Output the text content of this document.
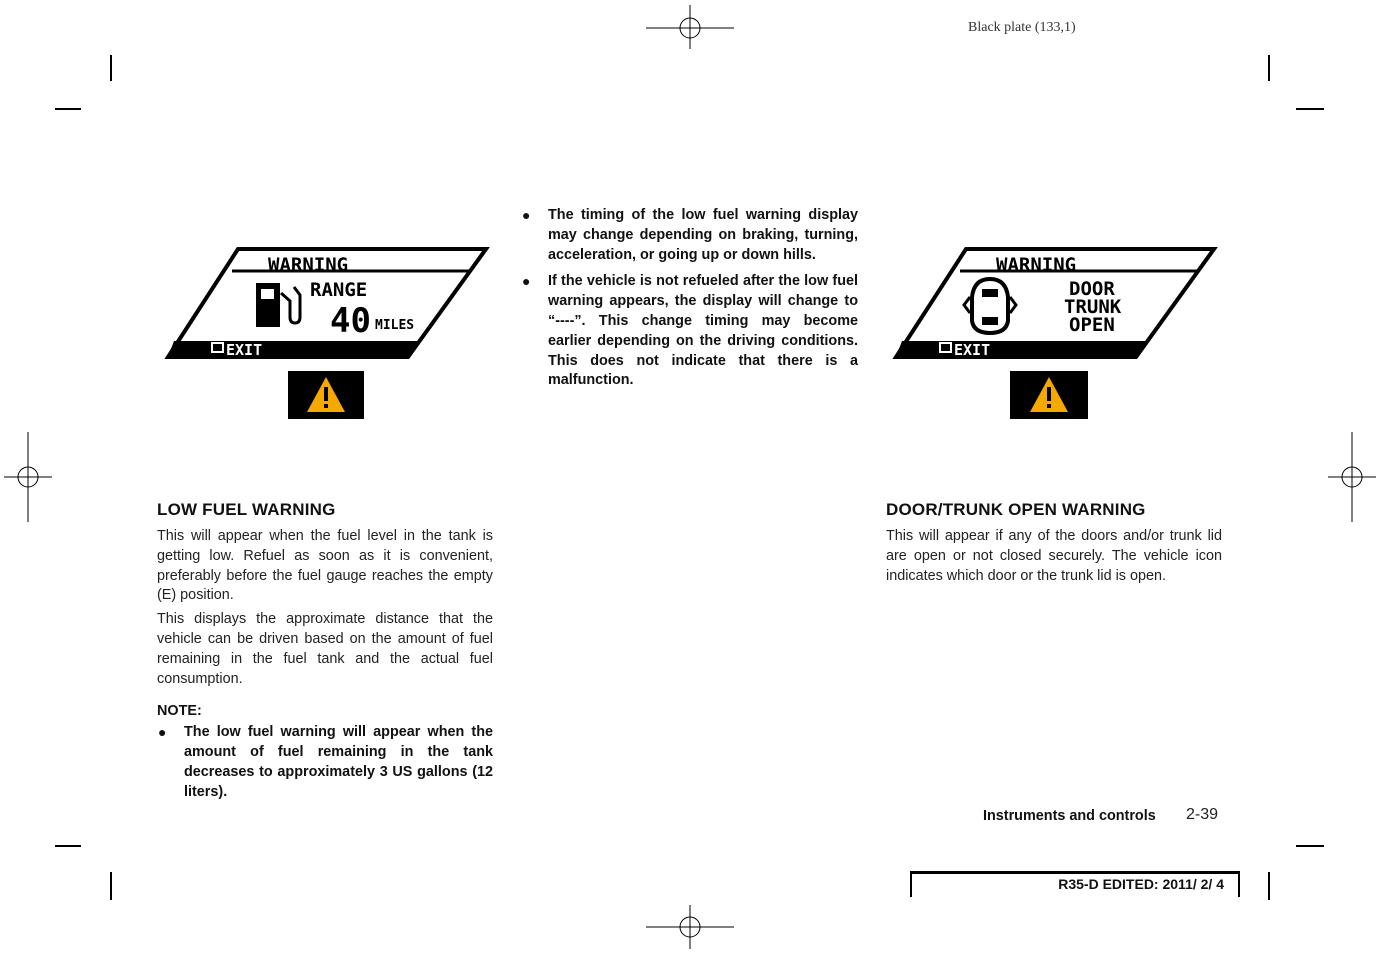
Black plate (133,1)
WARNING
RANGE
40 MILES
EXIT
WARNING
DOOR
TRUNK
OPEN
EXIT
LOW FUEL WARNING

This will appear when the fuel level in the tank is getting low. Refuel as soon as it is convenient, preferably before the fuel gauge reaches the empty (E) position.

This displays the approximate distance that the vehicle can be driven based on the amount of fuel remaining in the fuel tank and the actual fuel consumption.

NOTE:
● The low fuel warning will appear when the amount of fuel remaining in the tank decreases to approximately 3 US gallons (12 liters).
● The timing of the low fuel warning display may change depending on braking, turning, acceleration, or going up or down hills.
● If the vehicle is not refueled after the low fuel warning appears, the display will change to “----”. This change timing may become earlier depending on the driving conditions. This does not indicate that there is a malfunction.
DOOR/TRUNK OPEN WARNING

This will appear if any of the doors and/or trunk lid are open or not closed securely. The vehicle icon indicates which door or the trunk lid is open.

Instruments and controls 2-39
R35-D EDITED: 2011/ 2/ 4
